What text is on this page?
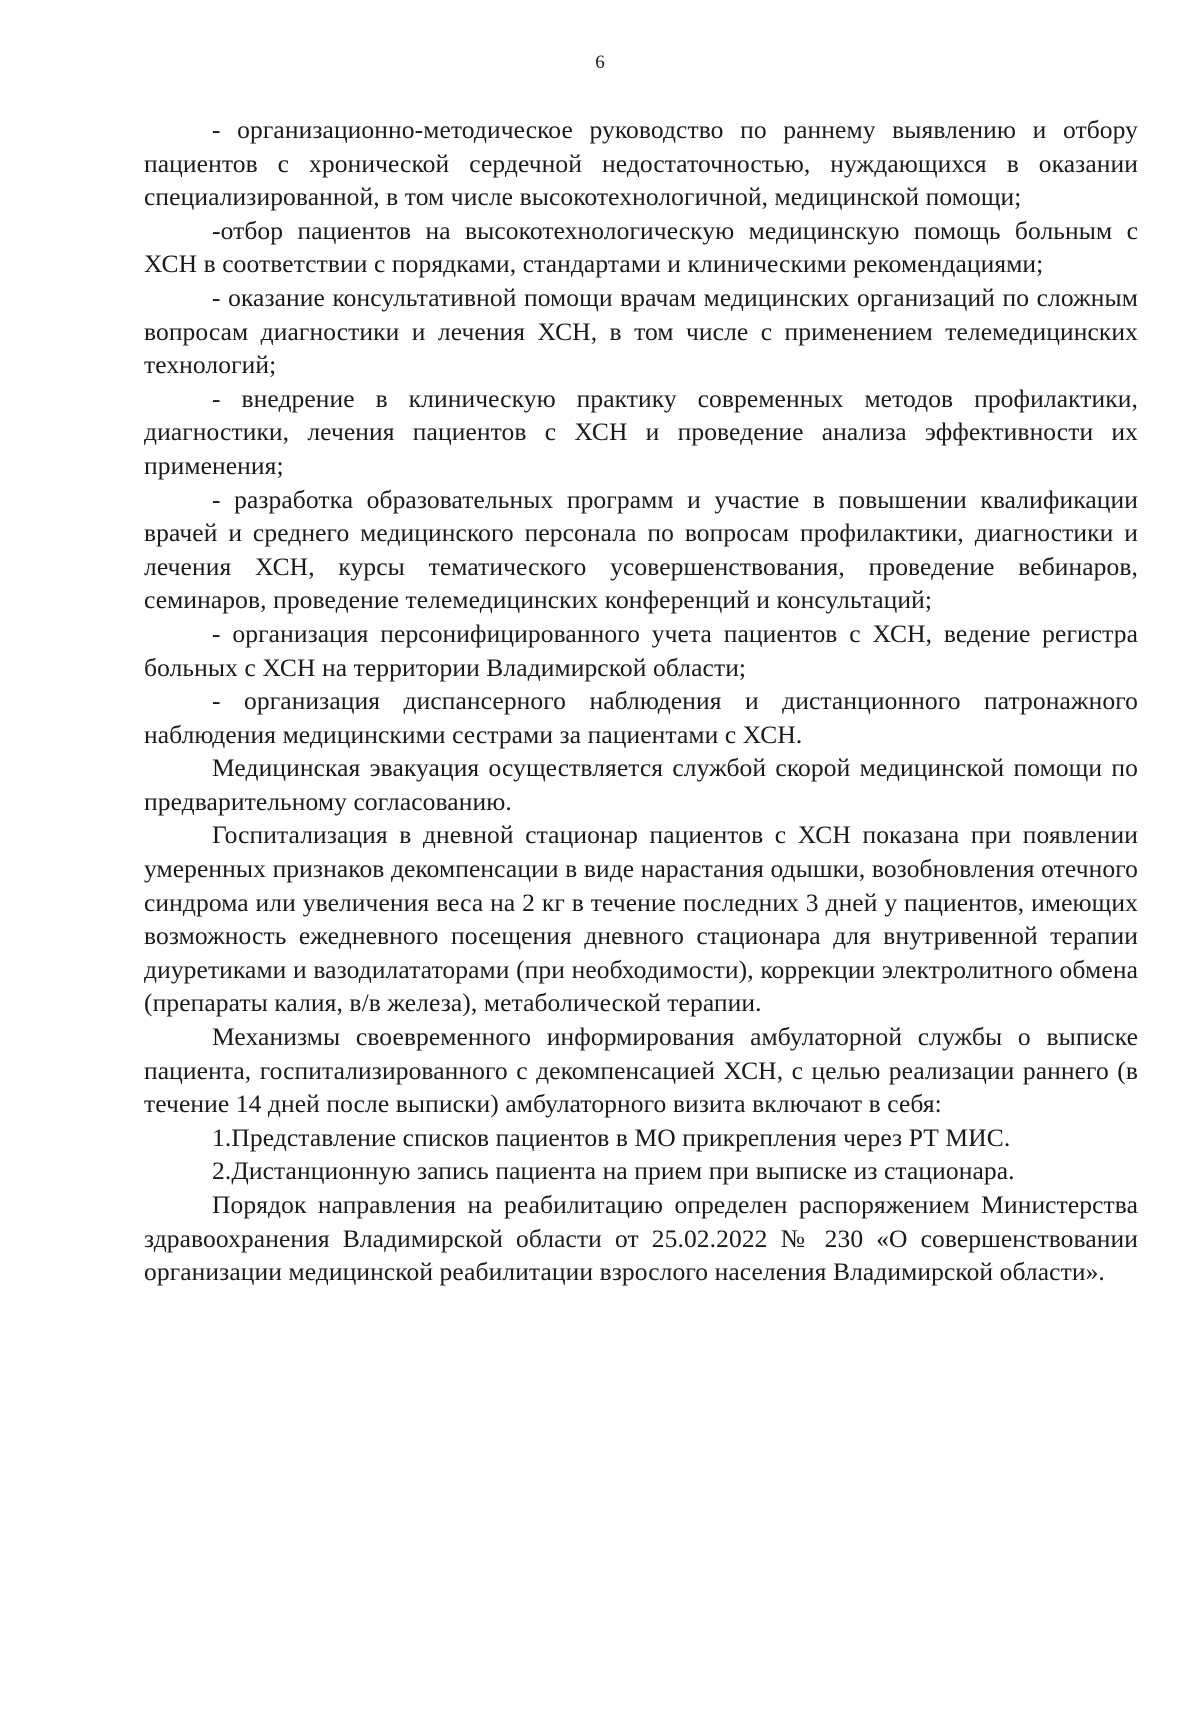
6

- организационно-методическое руководство по раннему выявлению и отбору пациентов с хронической сердечной недостаточностью, нуждающихся в оказании специализированной, в том числе высокотехнологичной, медицинской помощи;

-отбор пациентов на высокотехнологическую медицинскую помощь больным с ХСН в соответствии с порядками, стандартами и клиническими рекомендациями;

- оказание консультативной помощи врачам медицинских организаций по сложным вопросам диагностики и лечения ХСН, в том числе с применением телемедицинских технологий;

- внедрение в клиническую практику современных методов профилактики, диагностики, лечения пациентов с ХСН и проведение анализа эффективности их применения;

- разработка образовательных программ и участие в повышении квалификации врачей и среднего медицинского персонала по вопросам профилактики, диагностики и лечения ХСН, курсы тематического усовершенствования, проведение вебинаров, семинаров, проведение телемедицинских конференций и консультаций;

- организация персонифицированного учета пациентов с ХСН, ведение регистра больных с ХСН на территории Владимирской области;

- организация диспансерного наблюдения и дистанционного патронажного наблюдения медицинскими сестрами за пациентами с ХСН.

Медицинская эвакуация осуществляется службой скорой медицинской помощи по предварительному согласованию.

Госпитализация в дневной стационар пациентов с ХСН показана при появлении умеренных признаков декомпенсации в виде нарастания одышки, возобновления отечного синдрома или увеличения веса на 2 кг в течение последних 3 дней у пациентов, имеющих возможность ежедневного посещения дневного стационара для внутривенной терапии диуретиками и вазодилататорами (при необходимости), коррекции электролитного обмена (препараты калия, в/в железа), метаболической терапии.

Механизмы своевременного информирования амбулаторной службы о выписке пациента, госпитализированного с декомпенсацией ХСН, с целью реализации раннего (в течение 14 дней после выписки) амбулаторного визита включают в себя:

1.Представление списков пациентов в МО прикрепления через РТ МИС.

2.Дистанционную запись пациента на прием при выписке из стационара.

Порядок направления на реабилитацию определен распоряжением Министерства здравоохранения Владимирской области от 25.02.2022 № 230 «О совершенствовании организации медицинской реабилитации взрослого населения Владимирской области».
